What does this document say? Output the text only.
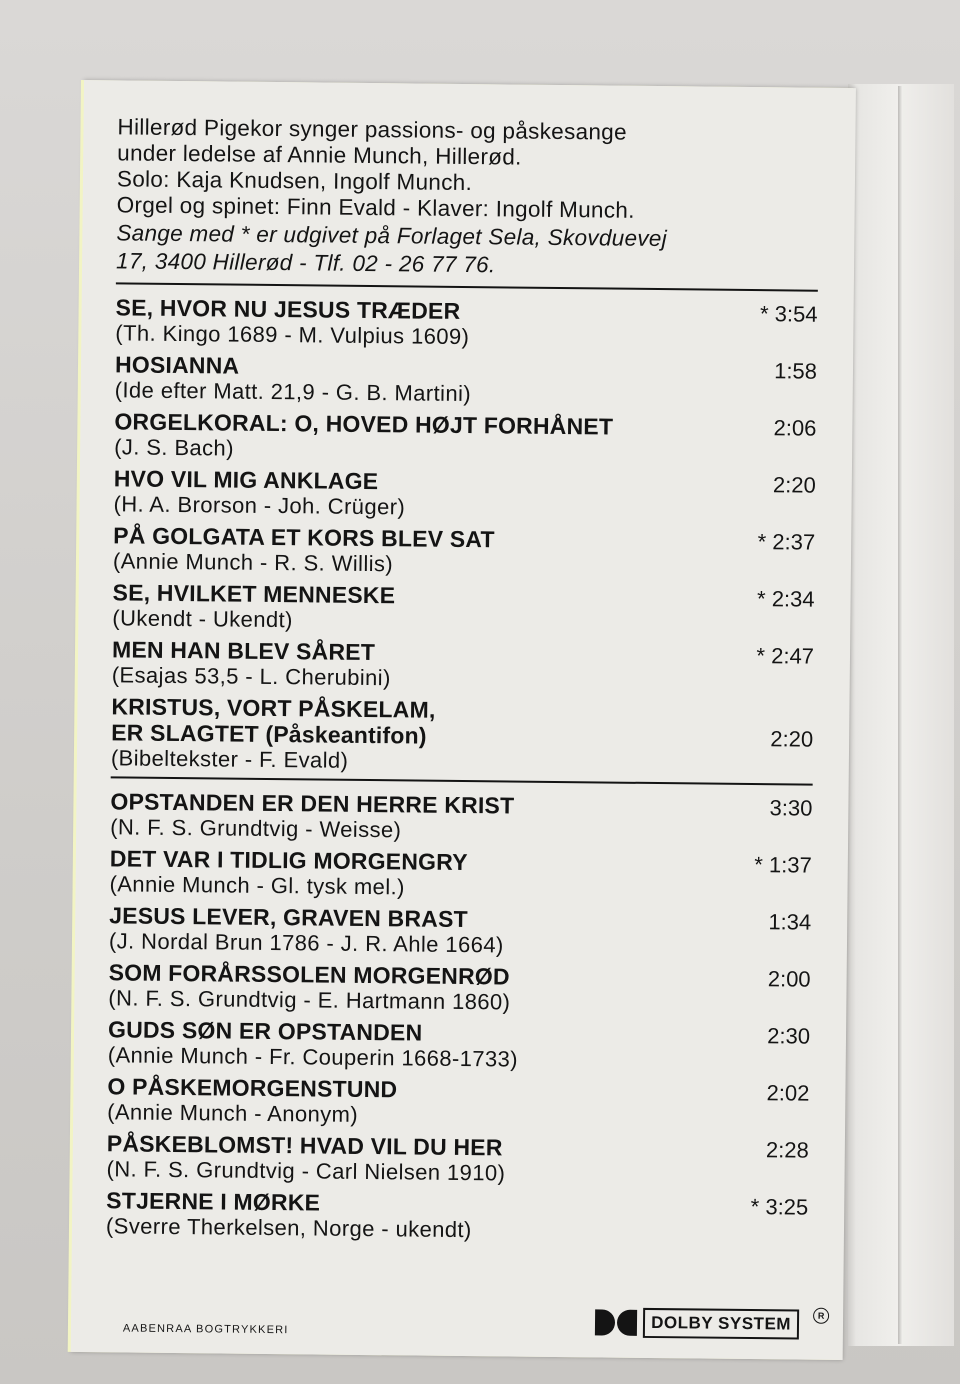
Hillerød Pigekor synger passions- og påskesange
under ledelse af Annie Munch, Hillerød.
Solo: Kaja Knudsen, Ingolf Munch.
Orgel og spinet: Finn Evald - Klaver: Ingolf Munch.
Sange med * er udgivet på Forlaget Sela, Skovduevej
17, 3400 Hillerød - Tlf. 02 - 26 77 76.
SE, HVOR NU JESUS TRÆDER
(Th. Kingo 1689 - M. Vulpius 1609)
* 3:54
HOSIANNA
(Ide efter Matt. 21,9 - G. B. Martini)
1:58
ORGELKORAL: O, HOVED HØJT FORHÅNET
(J. S. Bach)
2:06
HVO VIL MIG ANKLAGE
(H. A. Brorson - Joh. Crüger)
2:20
PÅ GOLGATA ET KORS BLEV SAT
(Annie Munch - R. S. Willis)
* 2:37
SE, HVILKET MENNESKE
(Ukendt - Ukendt)
* 2:34
MEN HAN BLEV SÅRET
(Esajas 53,5 - L. Cherubini)
* 2:47
KRISTUS, VORT PÅSKELAM,
ER SLAGTET (Påskeantifon)
(Bibeltekster - F. Evald)
2:20
OPSTANDEN ER DEN HERRE KRIST
(N. F. S. Grundtvig - Weisse)
3:30
DET VAR I TIDLIG MORGENGRY
(Annie Munch - Gl. tysk mel.)
* 1:37
JESUS LEVER, GRAVEN BRAST
(J. Nordal Brun 1786 - J. R. Ahle 1664)
1:34
SOM FORÅRSSOLEN MORGENRØD
(N. F. S. Grundtvig - E. Hartmann 1860)
2:00
GUDS SØN ER OPSTANDEN
(Annie Munch - Fr. Couperin 1668-1733)
2:30
O PÅSKEMORGENSTUND
(Annie Munch - Anonym)
2:02
PÅSKEBLOMST! HVAD VIL DU HER
(N. F. S. Grundtvig - Carl Nielsen 1910)
2:28
STJERNE I MØRKE
(Sverre Therkelsen, Norge - ukendt)
* 3:25
AABENRAA BOGTRYKKERI	DOLBY SYSTEM	R
